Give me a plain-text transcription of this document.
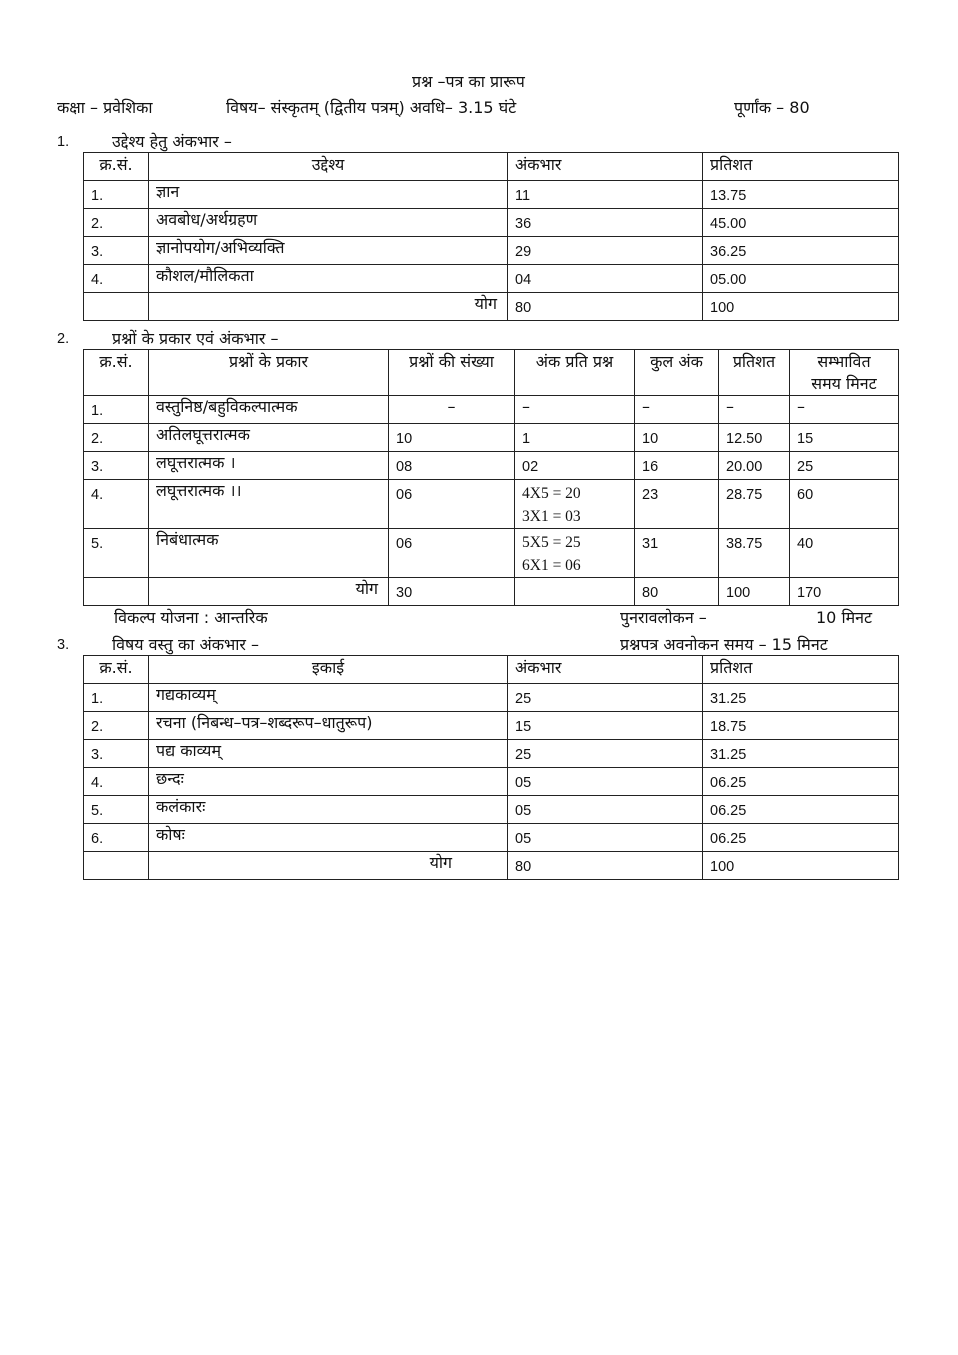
प्रश्न –पत्र का प्रारूप
कक्षा – प्रवेशिका	विषय– संस्कृतम् (द्वितीय पत्रम्) अवधि– 3.15 घंटे	पूर्णांक – 80
1.	उद्देश्य हेतु अंकभार –
क्र.सं.	उद्देश्य	अंकभार	प्रतिशत
1.	ज्ञान	11	13.75
2.	अवबोध/अर्थग्रहण	36	45.00
3.	ज्ञानोपयोग/अभिव्यक्ति	29	36.25
4.	कौशल/मौलिकता	04	05.00
	योग	80	100
2.	प्रश्नों के प्रकार एवं अंकभार –
क्र.सं.	प्रश्नों के प्रकार	प्रश्नों की संख्या	अंक प्रति प्रश्न	कुल अंक	प्रतिशत	सम्भावित
समय मिनट

1.	वस्तुनिष्ठ/बहुविकल्पात्मक	–	–	–	–	–
2.	अतिलघूत्तरात्मक	10	1	10	12.50	15
3.	लघूत्तरात्मक ।	08	02	16	20.00	25
4.	लघूत्तरात्मक ।।	06	4X5 = 20
3X1 = 03	23	28.75	60
5.	निबंधात्मक	06	5X5 = 25
6X1 = 06	31	38.75	40
	योग	30		80	100	170
विकल्प योजना : आन्तरिक	पुनरावलोकन –	10 मिनट
3.	विषय वस्तु का अंकभार –	प्रश्नपत्र अवनोकन समय – 15 मिनट
क्र.सं.	इकाई	अंकभार	प्रतिशत
1.	गद्यकाव्यम्	25	31.25
2.	रचना (निबन्ध–पत्र–शब्दरूप–धातुरूप)	15	18.75
3.	पद्य काव्यम्	25	31.25
4.	छन्दः	05	06.25
5.	कलंकारः	05	06.25
6.	कोषः	05	06.25
	योग	80	100
